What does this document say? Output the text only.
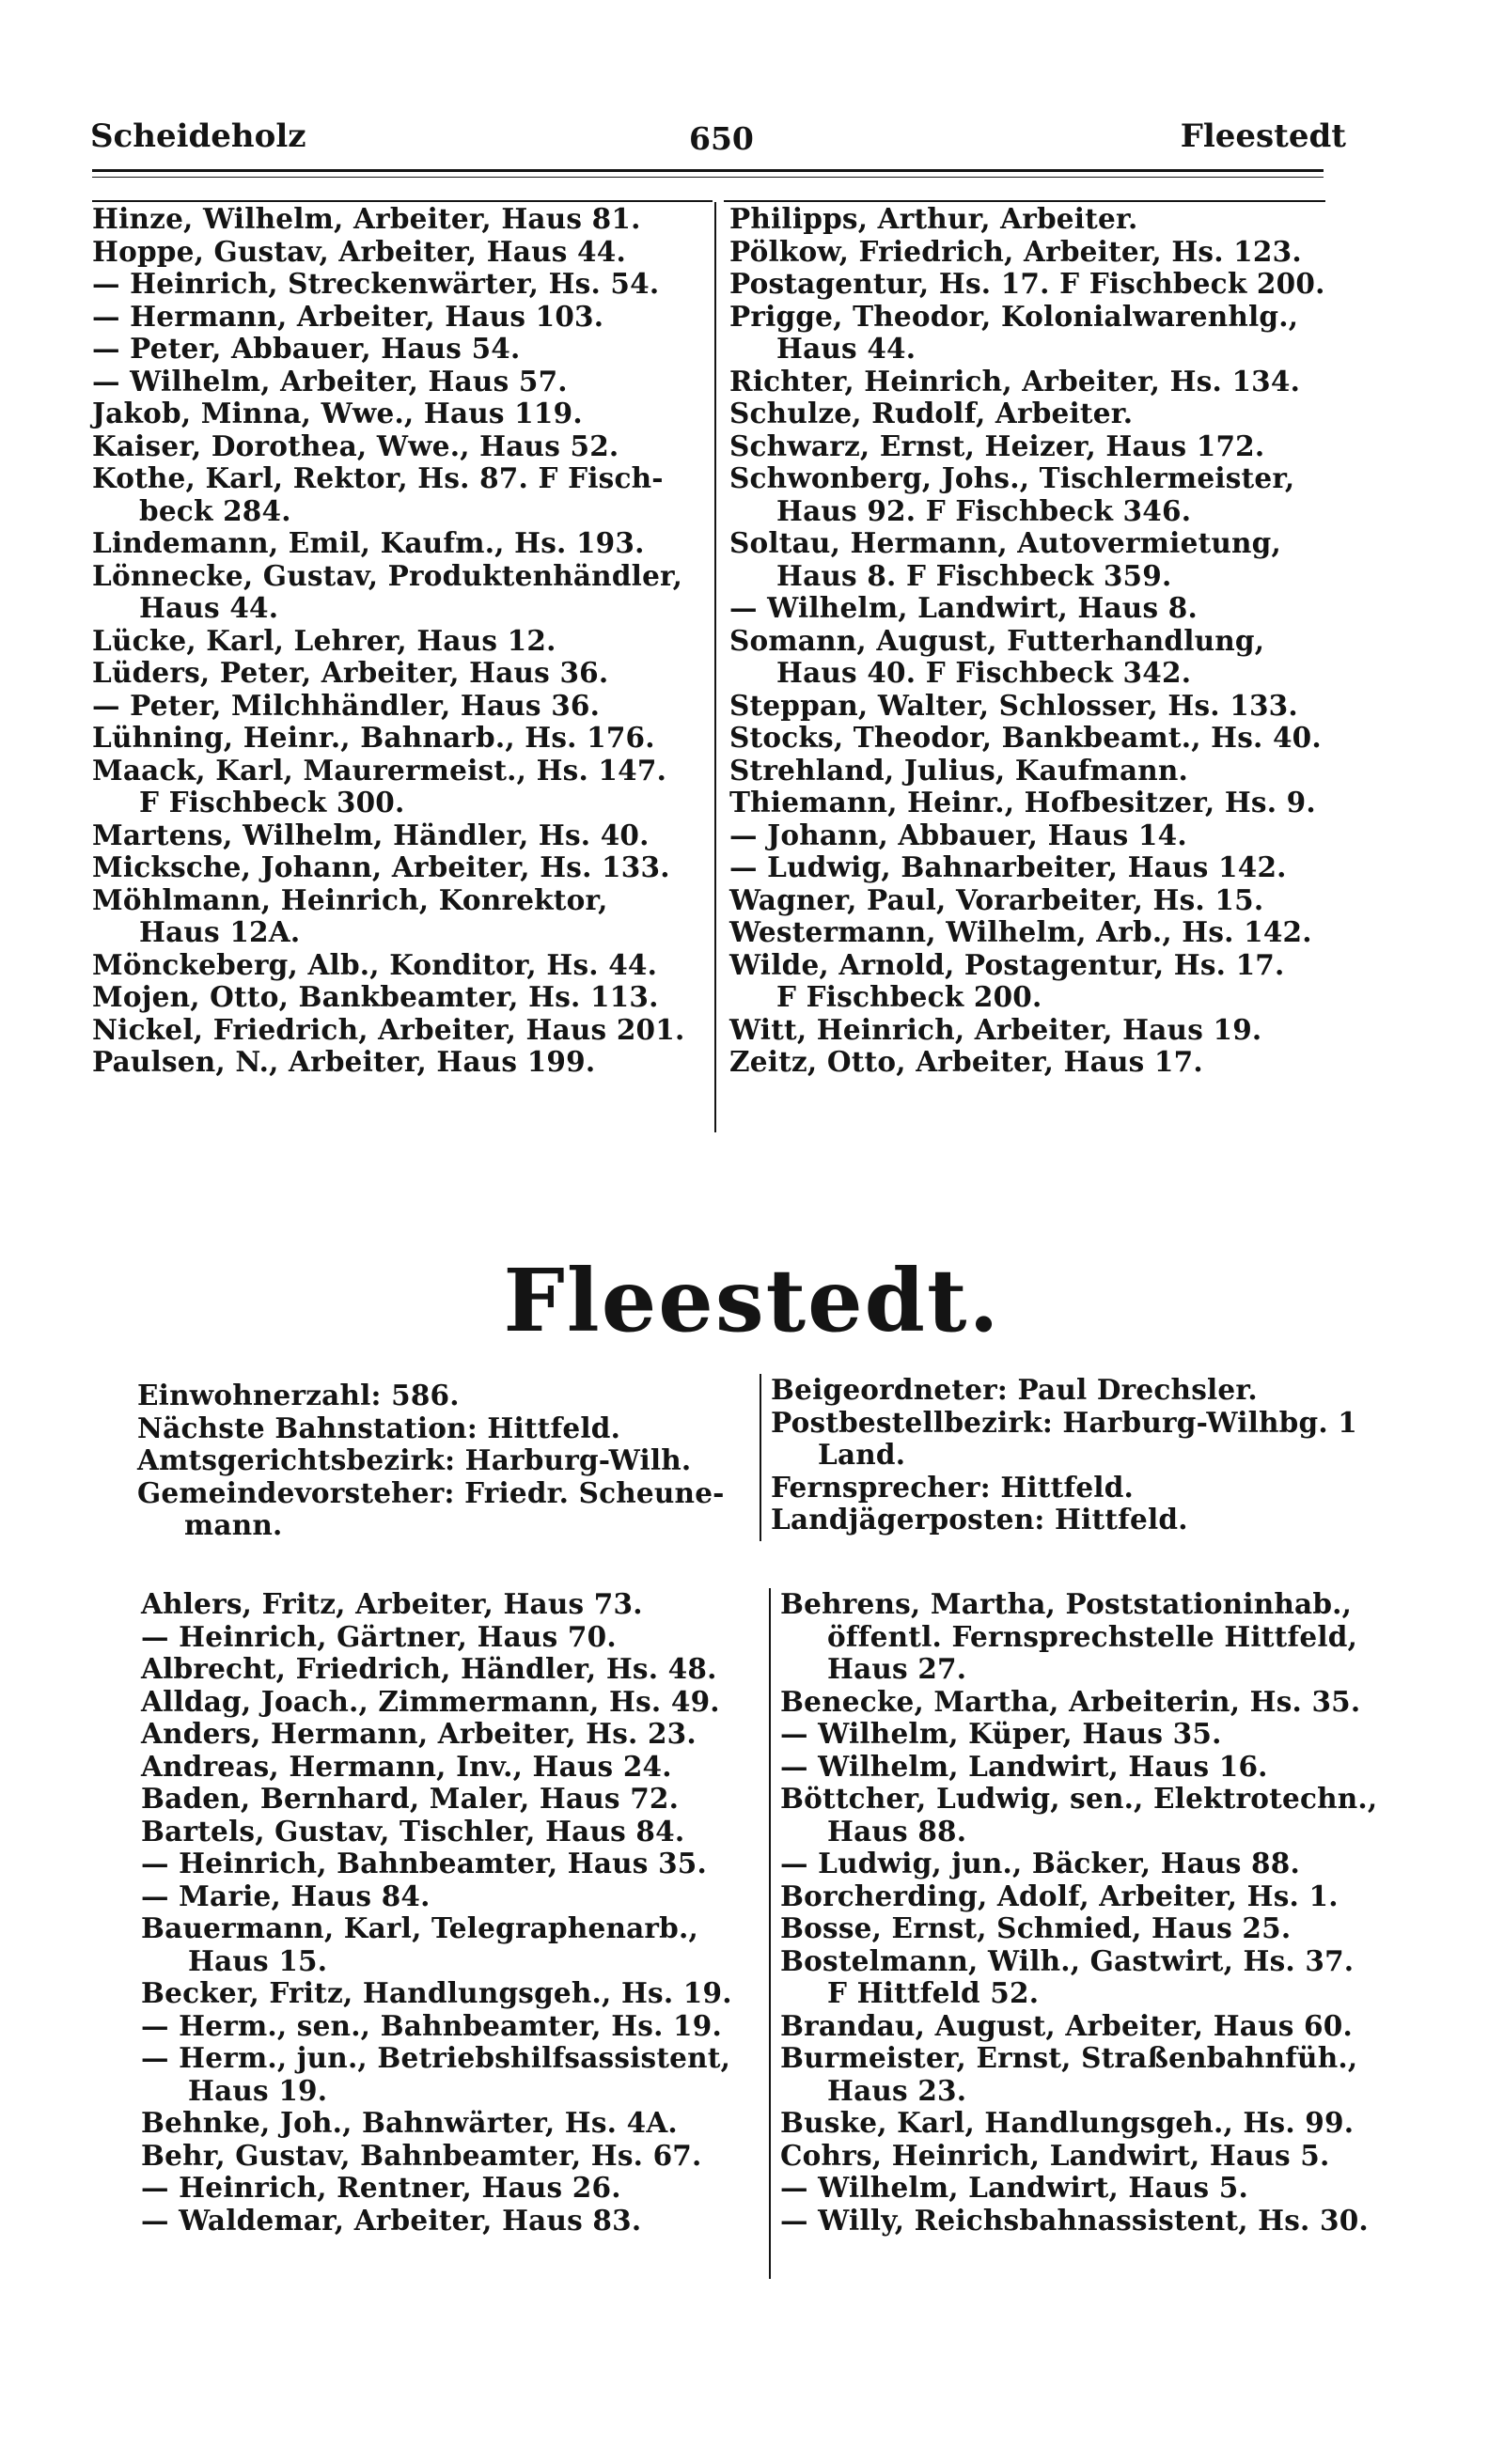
Scheideholz	650	Fleestedt
Hinze, Wilhelm, Arbeiter, Haus 81.
Hoppe, Gustav, Arbeiter, Haus 44.
— Heinrich, Streckenwärter, Hs. 54.
— Hermann, Arbeiter, Haus 103.
— Peter, Abbauer, Haus 54.
— Wilhelm, Arbeiter, Haus 57.
Jakob, Minna, Wwe., Haus 119.
Kaiser, Dorothea, Wwe., Haus 52.
Kothe, Karl, Rektor, Hs. 87. F Fisch-
beck 284.
Lindemann, Emil, Kaufm., Hs. 193.
Lönnecke, Gustav, Produktenhändler,
Haus 44.
Lücke, Karl, Lehrer, Haus 12.
Lüders, Peter, Arbeiter, Haus 36.
— Peter, Milchhändler, Haus 36.
Lühning, Heinr., Bahnarb., Hs. 176.
Maack, Karl, Maurermeist., Hs. 147.
F Fischbeck 300.
Martens, Wilhelm, Händler, Hs. 40.
Mickschе, Johann, Arbeiter, Hs. 133.
Möhlmann, Heinrich, Konrektor,
Haus 12A.
Mönckeberg, Alb., Konditor, Hs. 44.
Mojen, Otto, Bankbeamter, Hs. 113.
Nickel, Friedrich, Arbeiter, Haus 201.
Paulsen, N., Arbeiter, Haus 199.
Philipps, Arthur, Arbeiter.
Pölkow, Friedrich, Arbeiter, Hs. 123.
Postagentur, Hs. 17. F Fischbeck 200.
Prigge, Theodor, Kolonialwarenhlg.,
Haus 44.
Richter, Heinrich, Arbeiter, Hs. 134.
Schulze, Rudolf, Arbeiter.
Schwarz, Ernst, Heizer, Haus 172.
Schwonberg, Johs., Tischlermeister,
Haus 92. F Fischbeck 346.
Soltau, Hermann, Autovermietung,
Haus 8. F Fischbeck 359.
— Wilhelm, Landwirt, Haus 8.
Somann, August, Futterhandlung,
Haus 40. F Fischbeck 342.
Steppan, Walter, Schlosser, Hs. 133.
Stocks, Theodor, Bankbeamt., Hs. 40.
Strehland, Julius, Kaufmann.
Thiemann, Heinr., Hofbesitzer, Hs. 9.
— Johann, Abbauer, Haus 14.
— Ludwig, Bahnarbeiter, Haus 142.
Wagner, Paul, Vorarbeiter, Hs. 15.
Westermann, Wilhelm, Arb., Hs. 142.
Wilde, Arnold, Postagentur, Hs. 17.
F Fischbeck 200.
Witt, Heinrich, Arbeiter, Haus 19.
Zeitz, Otto, Arbeiter, Haus 17.
Fleestedt.
Einwohnerzahl: 586.
Nächste Bahnstation: Hittfeld.
Amtsgerichtsbezirk: Harburg-Wilh.
Gemeindevorsteher: Friedr. Scheune-
mann.
Beigeordneter: Paul Drechsler.
Postbestellbezirk: Harburg-Wilhbg. 1
Land.
Fernsprecher: Hittfeld.
Landjägerposten: Hittfeld.
Ahlers, Fritz, Arbeiter, Haus 73.
— Heinrich, Gärtner, Haus 70.
Albrecht, Friedrich, Händler, Hs. 48.
Alldag, Joach., Zimmermann, Hs. 49.
Anders, Hermann, Arbeiter, Hs. 23.
Andreas, Hermann, Inv., Haus 24.
Baden, Bernhard, Maler, Haus 72.
Bartels, Gustav, Tischler, Haus 84.
— Heinrich, Bahnbeamter, Haus 35.
— Marie, Haus 84.
Bauermann, Karl, Telegraphenarb.,
Haus 15.
Becker, Fritz, Handlungsgeh., Hs. 19.
— Herm., sen., Bahnbeamter, Hs. 19.
— Herm., jun., Betriebshilfsassistent,
Haus 19.
Behnke, Joh., Bahnwärter, Hs. 4A.
Behr, Gustav, Bahnbeamter, Hs. 67.
— Heinrich, Rentner, Haus 26.
— Waldemar, Arbeiter, Haus 83.
Behrens, Martha, Poststationinhab.,
öffentl. Fernsprechstelle Hittfeld,
Haus 27.
Benecke, Martha, Arbeiterin, Hs. 35.
— Wilhelm, Küper, Haus 35.
— Wilhelm, Landwirt, Haus 16.
Böttcher, Ludwig, sen., Elektrotechn.,
Haus 88.
— Ludwig, jun., Bäcker, Haus 88.
Borcherding, Adolf, Arbeiter, Hs. 1.
Bosse, Ernst, Schmied, Haus 25.
Bostelmann, Wilh., Gastwirt, Hs. 37.
F Hittfeld 52.
Brandau, August, Arbeiter, Haus 60.
Burmeister, Ernst, Straßenbahnfüh.,
Haus 23.
Buske, Karl, Handlungsgeh., Hs. 99.
Cohrs, Heinrich, Landwirt, Haus 5.
— Wilhelm, Landwirt, Haus 5.
— Willy, Reichsbahnassistent, Hs. 30.
